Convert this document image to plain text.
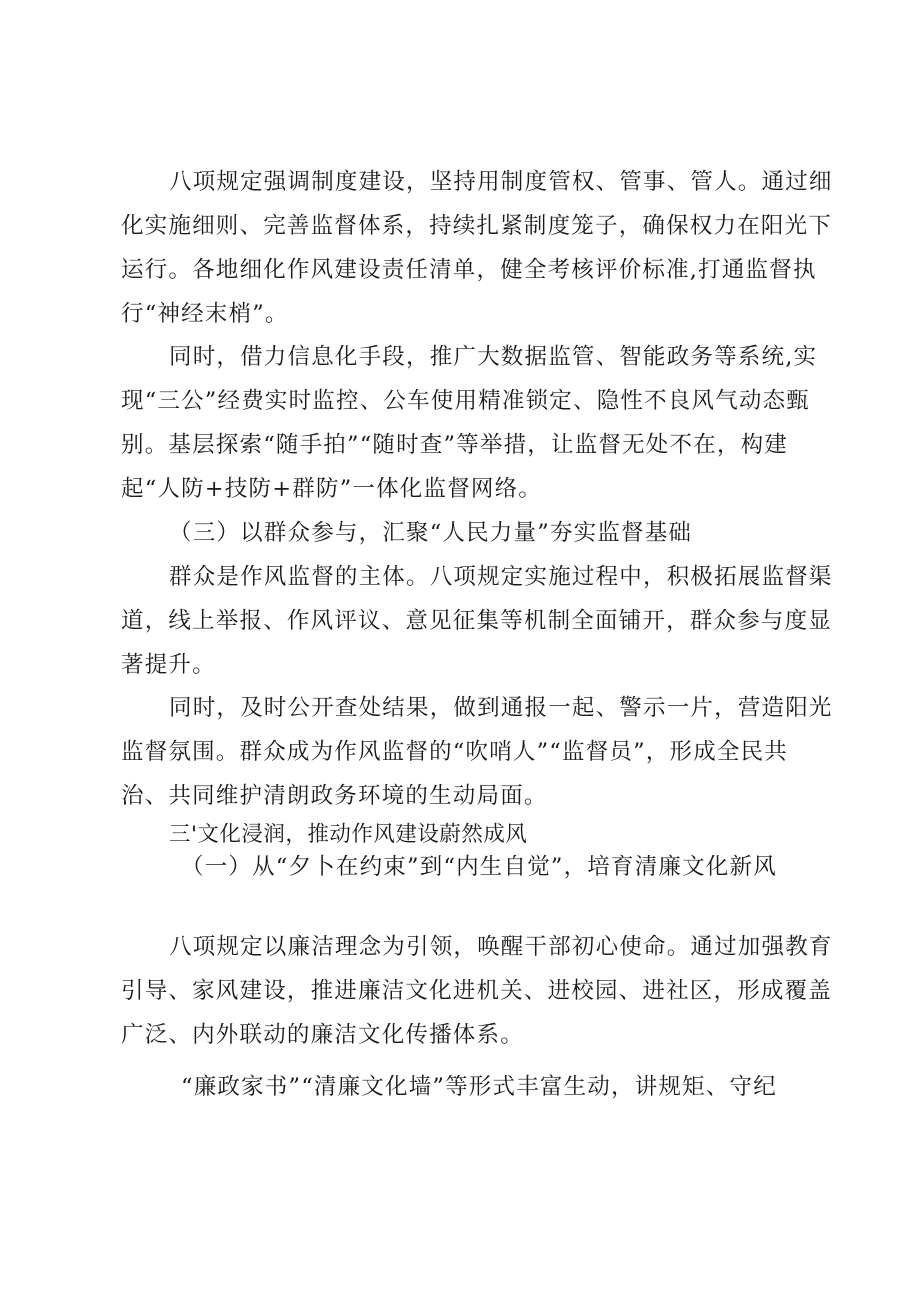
八项规定强调制度建设，坚持用制度管权、管事、管人。通过细
化实施细则、完善监督体系，持续扎紧制度笼子，确保权力在阳光下
运行。各地细化作风建设责任清单，健全考核评价标准,打通监督执
行“神经末梢”。
同时，借力信息化手段，推广大数据监管、智能政务等系统,实
现“三公”经费实时监控、公车使用精准锁定、隐性不良风气动态甄
别。基层探索“随手拍”“随时查”等举措，让监督无处不在，构建
起“人防+技防+群防”一体化监督网络。
（三）以群众参与，汇聚“人民力量”夯实监督基础
群众是作风监督的主体。八项规定实施过程中，积极拓展监督渠
道，线上举报、作风评议、意见征集等机制全面铺开，群众参与度显
著提升。
同时，及时公开查处结果，做到通报一起、警示一片，营造阳光
监督氛围。群众成为作风监督的“吹哨人”“监督员”，形成全民共
治、共同维护清朗政务环境的生动局面。
三'文化浸润，推动作风建设蔚然成风
（一）从“夕卜在约束”到“内生自觉”，培育清廉文化新风
八项规定以廉洁理念为引领，唤醒干部初心使命。通过加强教育
引导、家风建设，推进廉洁文化进机关、进校园、进社区，形成覆盖
广泛、内外联动的廉洁文化传播体系。
“廉政家书”“清廉文化墙”等形式丰富生动，讲规矩、守纪
